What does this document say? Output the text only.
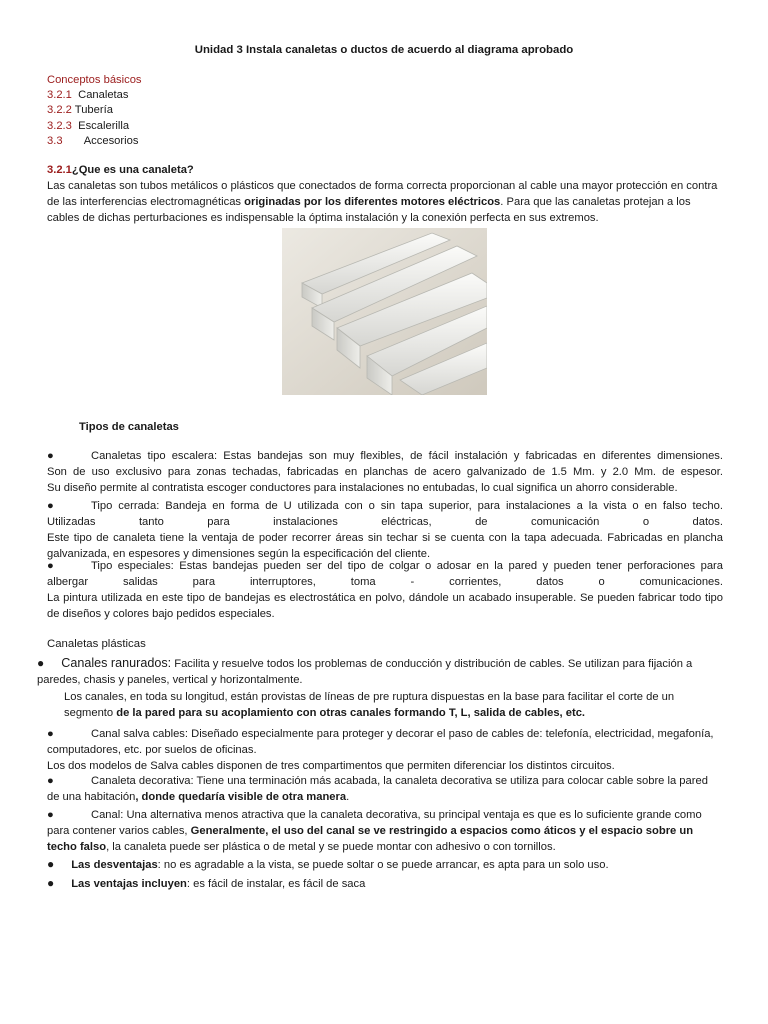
Unidad 3 Instala canaletas o ductos de acuerdo al diagrama aprobado
Conceptos básicos
3.2.1 Canaletas
3.2.2 Tubería
3.2.3 Escalerilla
3.3 Accesorios
3.2.1¿Que es una canaleta?
Las canaletas son tubos metálicos o plásticos que conectados de forma correcta proporcionan al cable una mayor protección en contra de las interferencias electromagnéticas originadas por los diferentes motores eléctricos. Para que las canaletas protejan a los cables de dichas perturbaciones es indispensable la óptima instalación y la conexión perfecta en sus extremos.
Tipos de canaletas

●	Canaletas tipo escalera: Estas bandejas son muy flexibles, de fácil instalación y fabricadas en diferentes dimensiones.

Son de uso exclusivo para zonas techadas, fabricadas en planchas de acero galvanizado de 1.5 Mm. y 2.0 Mm. de espesor.

Su diseño permite al contratista escoger conductores para instalaciones no entubadas, lo cual significa un ahorro considerable.

●	Tipo cerrada: Bandeja en forma de U utilizada con o sin tapa superior, para instalaciones a la vista o en falso techo.

Utilizadas tanto para instalaciones eléctricas, de comunicación o datos.

Este tipo de canaleta tiene la ventaja de poder recorrer áreas sin techar si se cuenta con la tapa adecuada. Fabricadas en plancha galvanizada, en espesores y dimensiones según la especificación del cliente.

●	Tipo especiales: Estas bandejas pueden ser del tipo de colgar o adosar en la pared y pueden tener perforaciones para

albergar salidas para interruptores, toma - corrientes, datos o comunicaciones.

La pintura utilizada en este tipo de bandejas es electrostática en polvo, dándole un acabado insuperable. Se pueden fabricar todo tipo de diseños y colores bajo pedidos especiales.

Canaletas plásticas

● Canales ranurados: Facilita y resuelve todos los problemas de conducción y distribución de cables. Se utilizan para fijación a paredes, chasis y paneles, vertical y horizontalmente.

Los canales, en toda su longitud, están provistas de líneas de pre ruptura dispuestas en la base para facilitar el corte de un segmento de la pared para su acoplamiento con otras canales formando T, L, salida de cables, etc.

●	Canal salva cables: Diseñado especialmente para proteger y decorar el paso de cables de: telefonía, electricidad, megafonía, computadores, etc. por suelos de oficinas.

Los dos modelos de Salva cables disponen de tres compartimentos que permiten diferenciar los distintos circuitos.

●	Canaleta decorativa: Tiene una terminación más acabada, la canaleta decorativa se utiliza para colocar cable sobre la pared de una habitación, donde quedaría visible de otra manera.

●	Canal: Una alternativa menos atractiva que la canaleta decorativa, su principal ventaja es que es lo suficiente grande como para contener varios cables, Generalmente, el uso del canal se ve restringido a espacios como áticos y el espacio sobre un techo falso, la canaleta puede ser plástica o de metal y se puede montar con adhesivo o con tornillos.

● Las desventajas: no es agradable a la vista, se puede soltar o se puede arrancar, es apta para un solo uso.

● Las ventajas incluyen: es fácil de instalar, es fácil de saca
